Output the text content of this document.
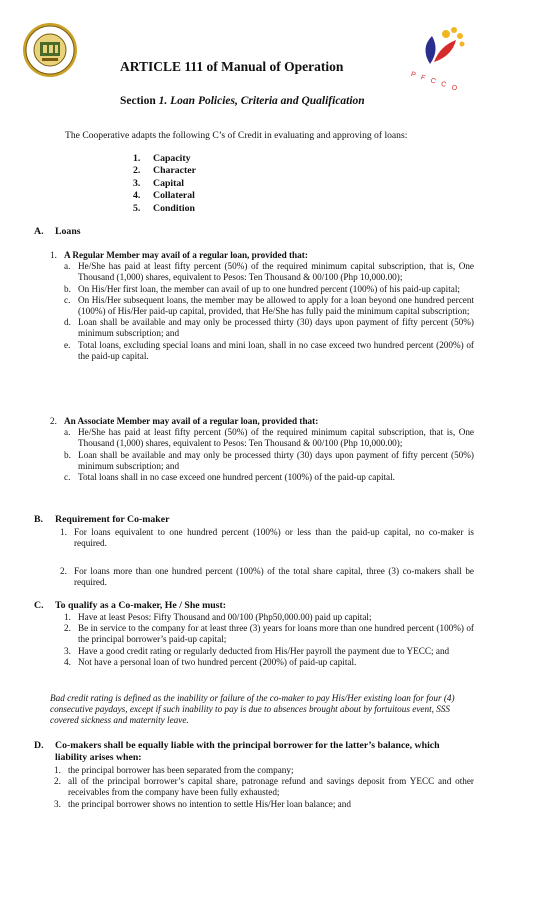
P F C C O
ARTICLE 111 of Manual of Operation
Section 1. Loan Policies, Criteria and Qualification
The Cooperative adapts the following C’s of Credit in evaluating and approving of loans:
1. Capacity
2. Character
3. Capital
4. Collateral
5. Condition
A. Loans
1. A Regular Member may avail of a regular loan, provided that:
a. He/She has paid at least fifty percent (50%) of the required minimum capital subscription, that is, One Thousand (1,000) shares, equivalent to Pesos: Ten Thousand & 00/100 (Php 10,000.00);
b. On His/Her first loan, the member can avail of up to one hundred percent (100%) of his paid-up capital;
c. On His/Her subsequent loans, the member may be allowed to apply for a loan beyond one hundred percent (100%) of His/Her paid-up capital, provided, that He/She has fully paid the minimum capital subscription;
d. Loan shall be available and may only be processed thirty (30) days upon payment of fifty percent (50%) minimum subscription; and
e. Total loans, excluding special loans and mini loan, shall in no case exceed two hundred percent (200%) of the paid-up capital.
2. An Associate Member may avail of a regular loan, provided that:
a. He/She has paid at least fifty percent (50%) of the required minimum capital subscription, that is, One Thousand (1,000) shares, equivalent to Pesos: Ten Thousand & 00/100 (Php 10,000.00);
b. Loan shall be available and may only be processed thirty (30) days upon payment of fifty percent (50%) minimum subscription; and
c. Total loans shall in no case exceed one hundred percent (100%) of the paid-up capital.
B. Requirement for Co-maker
1. For loans equivalent to one hundred percent (100%) or less than the paid-up capital, no co-maker is required.
2. For loans more than one hundred percent (100%) of the total share capital, three (3) co-makers shall be required.
C. To qualify as a Co-maker, He / She must:
1. Have at least Pesos: Fifty Thousand and 00/100 (Php50,000.00) paid up capital;
2. Be in service to the company for at least three (3) years for loans more than one hundred percent (100%) of the principal borrower’s paid-up capital;
3. Have a good credit rating or regularly deducted from His/Her payroll the payment due to YECC; and
4. Not have a personal loan of two hundred percent (200%) of paid-up capital.
Bad credit rating is defined as the inability or failure of the co-maker to pay His/Her existing loan for four (4) consecutive paydays, except if such inability to pay is due to absences brought about by fortuitous event, SSS covered sickness and maternity leave.
D.	Co-makers shall be equally liable with the principal borrower for the latter’s balance, which liability arises when:
1. the principal borrower has been separated from the company;
2. all of the principal borrower’s capital share, patronage refund and savings deposit from YECC and other receivables from the company have been fully exhausted;
3. the principal borrower shows no intention to settle His/Her loan balance; and
